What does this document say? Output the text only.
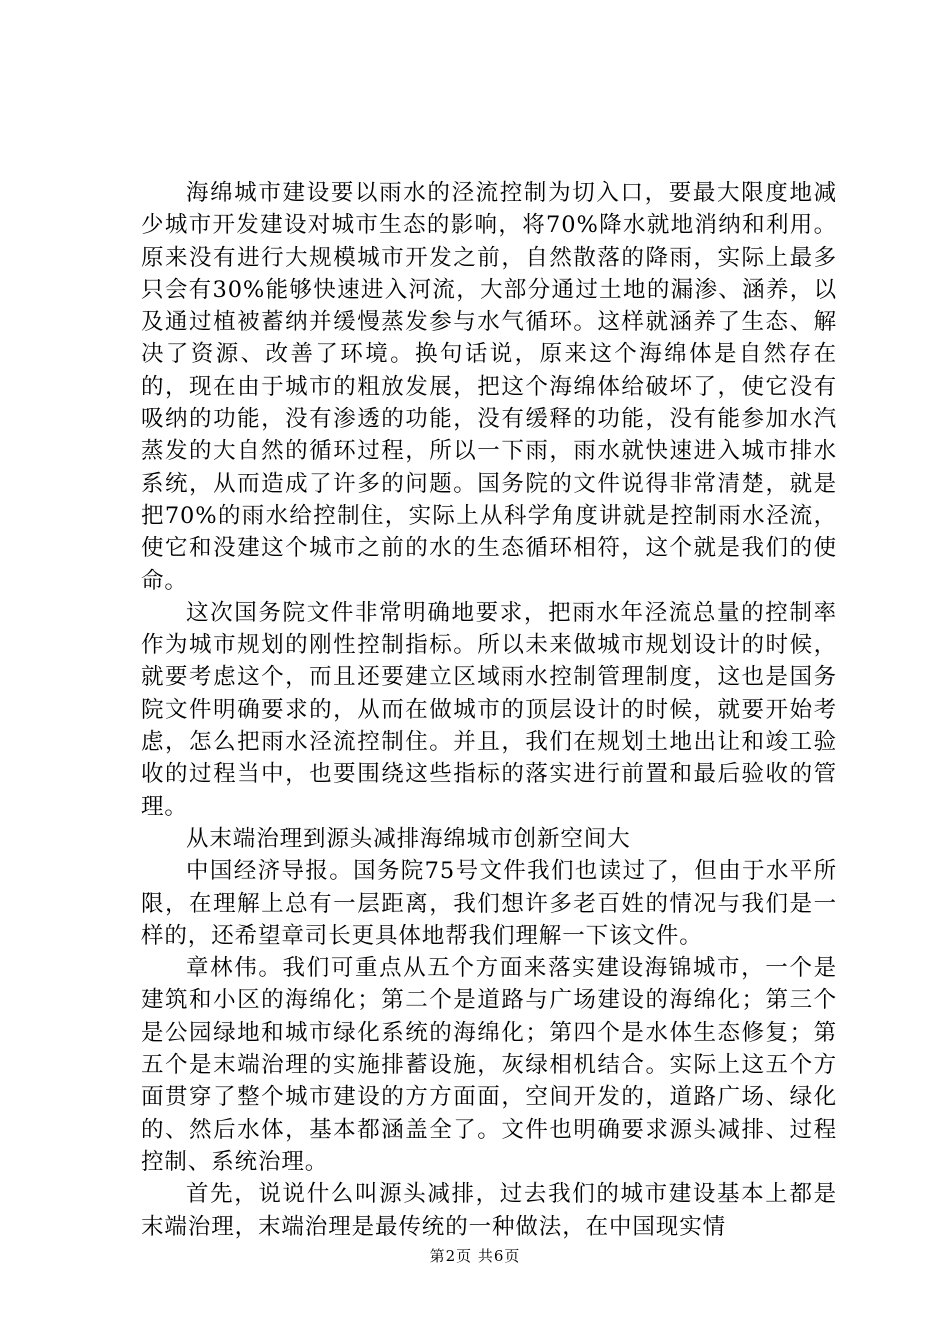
海绵城市建设要以雨水的泾流控制为切入口，要最大限度地减少城市开发建设对城市生态的影响，将70%降水就地消纳和利用。原来没有进行大规模城市开发之前，自然散落的降雨，实际上最多只会有30%能够快速进入河流，大部分通过土地的漏渗、涵养，以及通过植被蓄纳并缓慢蒸发参与水气循环。这样就涵养了生态、解决了资源、改善了环境。换句话说，原来这个海绵体是自然存在的，现在由于城市的粗放发展，把这个海绵体给破坏了，使它没有吸纳的功能，没有渗透的功能，没有缓释的功能，没有能参加水汽蒸发的大自然的循环过程，所以一下雨，雨水就快速进入城市排水系统，从而造成了许多的问题。国务院的文件说得非常清楚，就是把70%的雨水给控制住，实际上从科学角度讲就是控制雨水泾流，使它和没建这个城市之前的水的生态循环相符，这个就是我们的使命。

这次国务院文件非常明确地要求，把雨水年泾流总量的控制率作为城市规划的刚性控制指标。所以未来做城市规划设计的时候，就要考虑这个，而且还要建立区域雨水控制管理制度，这也是国务院文件明确要求的，从而在做城市的顶层设计的时候，就要开始考虑，怎么把雨水泾流控制住。并且，我们在规划土地出让和竣工验收的过程当中，也要围绕这些指标的落实进行前置和最后验收的管理。

从末端治理到源头减排海绵城市创新空间大

中国经济导报。国务院75号文件我们也读过了，但由于水平所限，在理解上总有一层距离，我们想许多老百姓的情况与我们是一样的，还希望章司长更具体地帮我们理解一下该文件。

章林伟。我们可重点从五个方面来落实建设海锦城市，一个是建筑和小区的海绵化；第二个是道路与广场建设的海绵化；第三个是公园绿地和城市绿化系统的海绵化；第四个是水体生态修复；第五个是末端治理的实施排蓄设施，灰绿相机结合。实际上这五个方面贯穿了整个城市建设的方方面面，空间开发的，道路广场、绿化的、然后水体，基本都涵盖全了。文件也明确要求源头减排、过程控制、系统治理。

首先，说说什么叫源头减排，过去我们的城市建设基本上都是末端治理，末端治理是最传统的一种做法，在中国现实情

第2页 共6页
